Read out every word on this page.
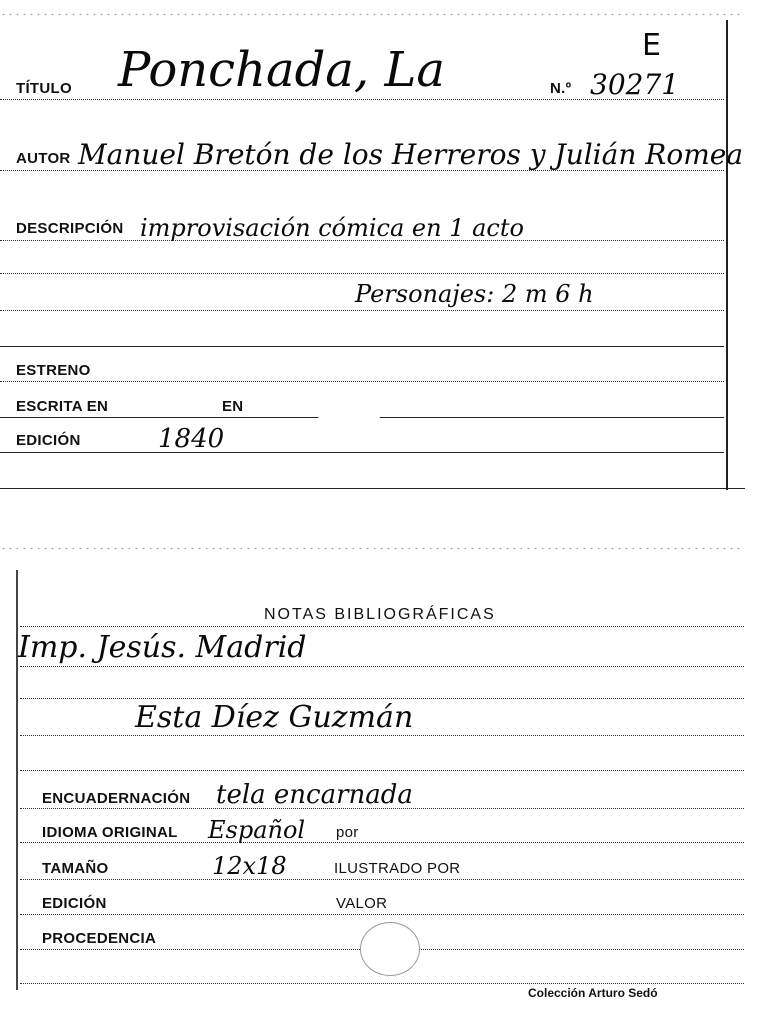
E
TÍTULO Ponchada, La	N.º 30271
AUTOR Manuel Bretón de los Herreros y Julián Romea
DESCRIPCIÓN improvisación cómica en 1 acto
Personajes: 2 m 6 h
ESTRENO
ESCRITA EN	EN
EDICIÓN	1840
NOTAS BIBLIOGRÁFICAS
Imp. Jesús. Madrid
Esta Díez Guzmán
ENCUADERNACIÓN tela encarnada
IDIOMA ORIGINAL Español por
TAMAÑO	12x18	ILUSTRADO POR
EDICIÓN	VALOR
PROCEDENCIA
Colección Arturo Sedó
